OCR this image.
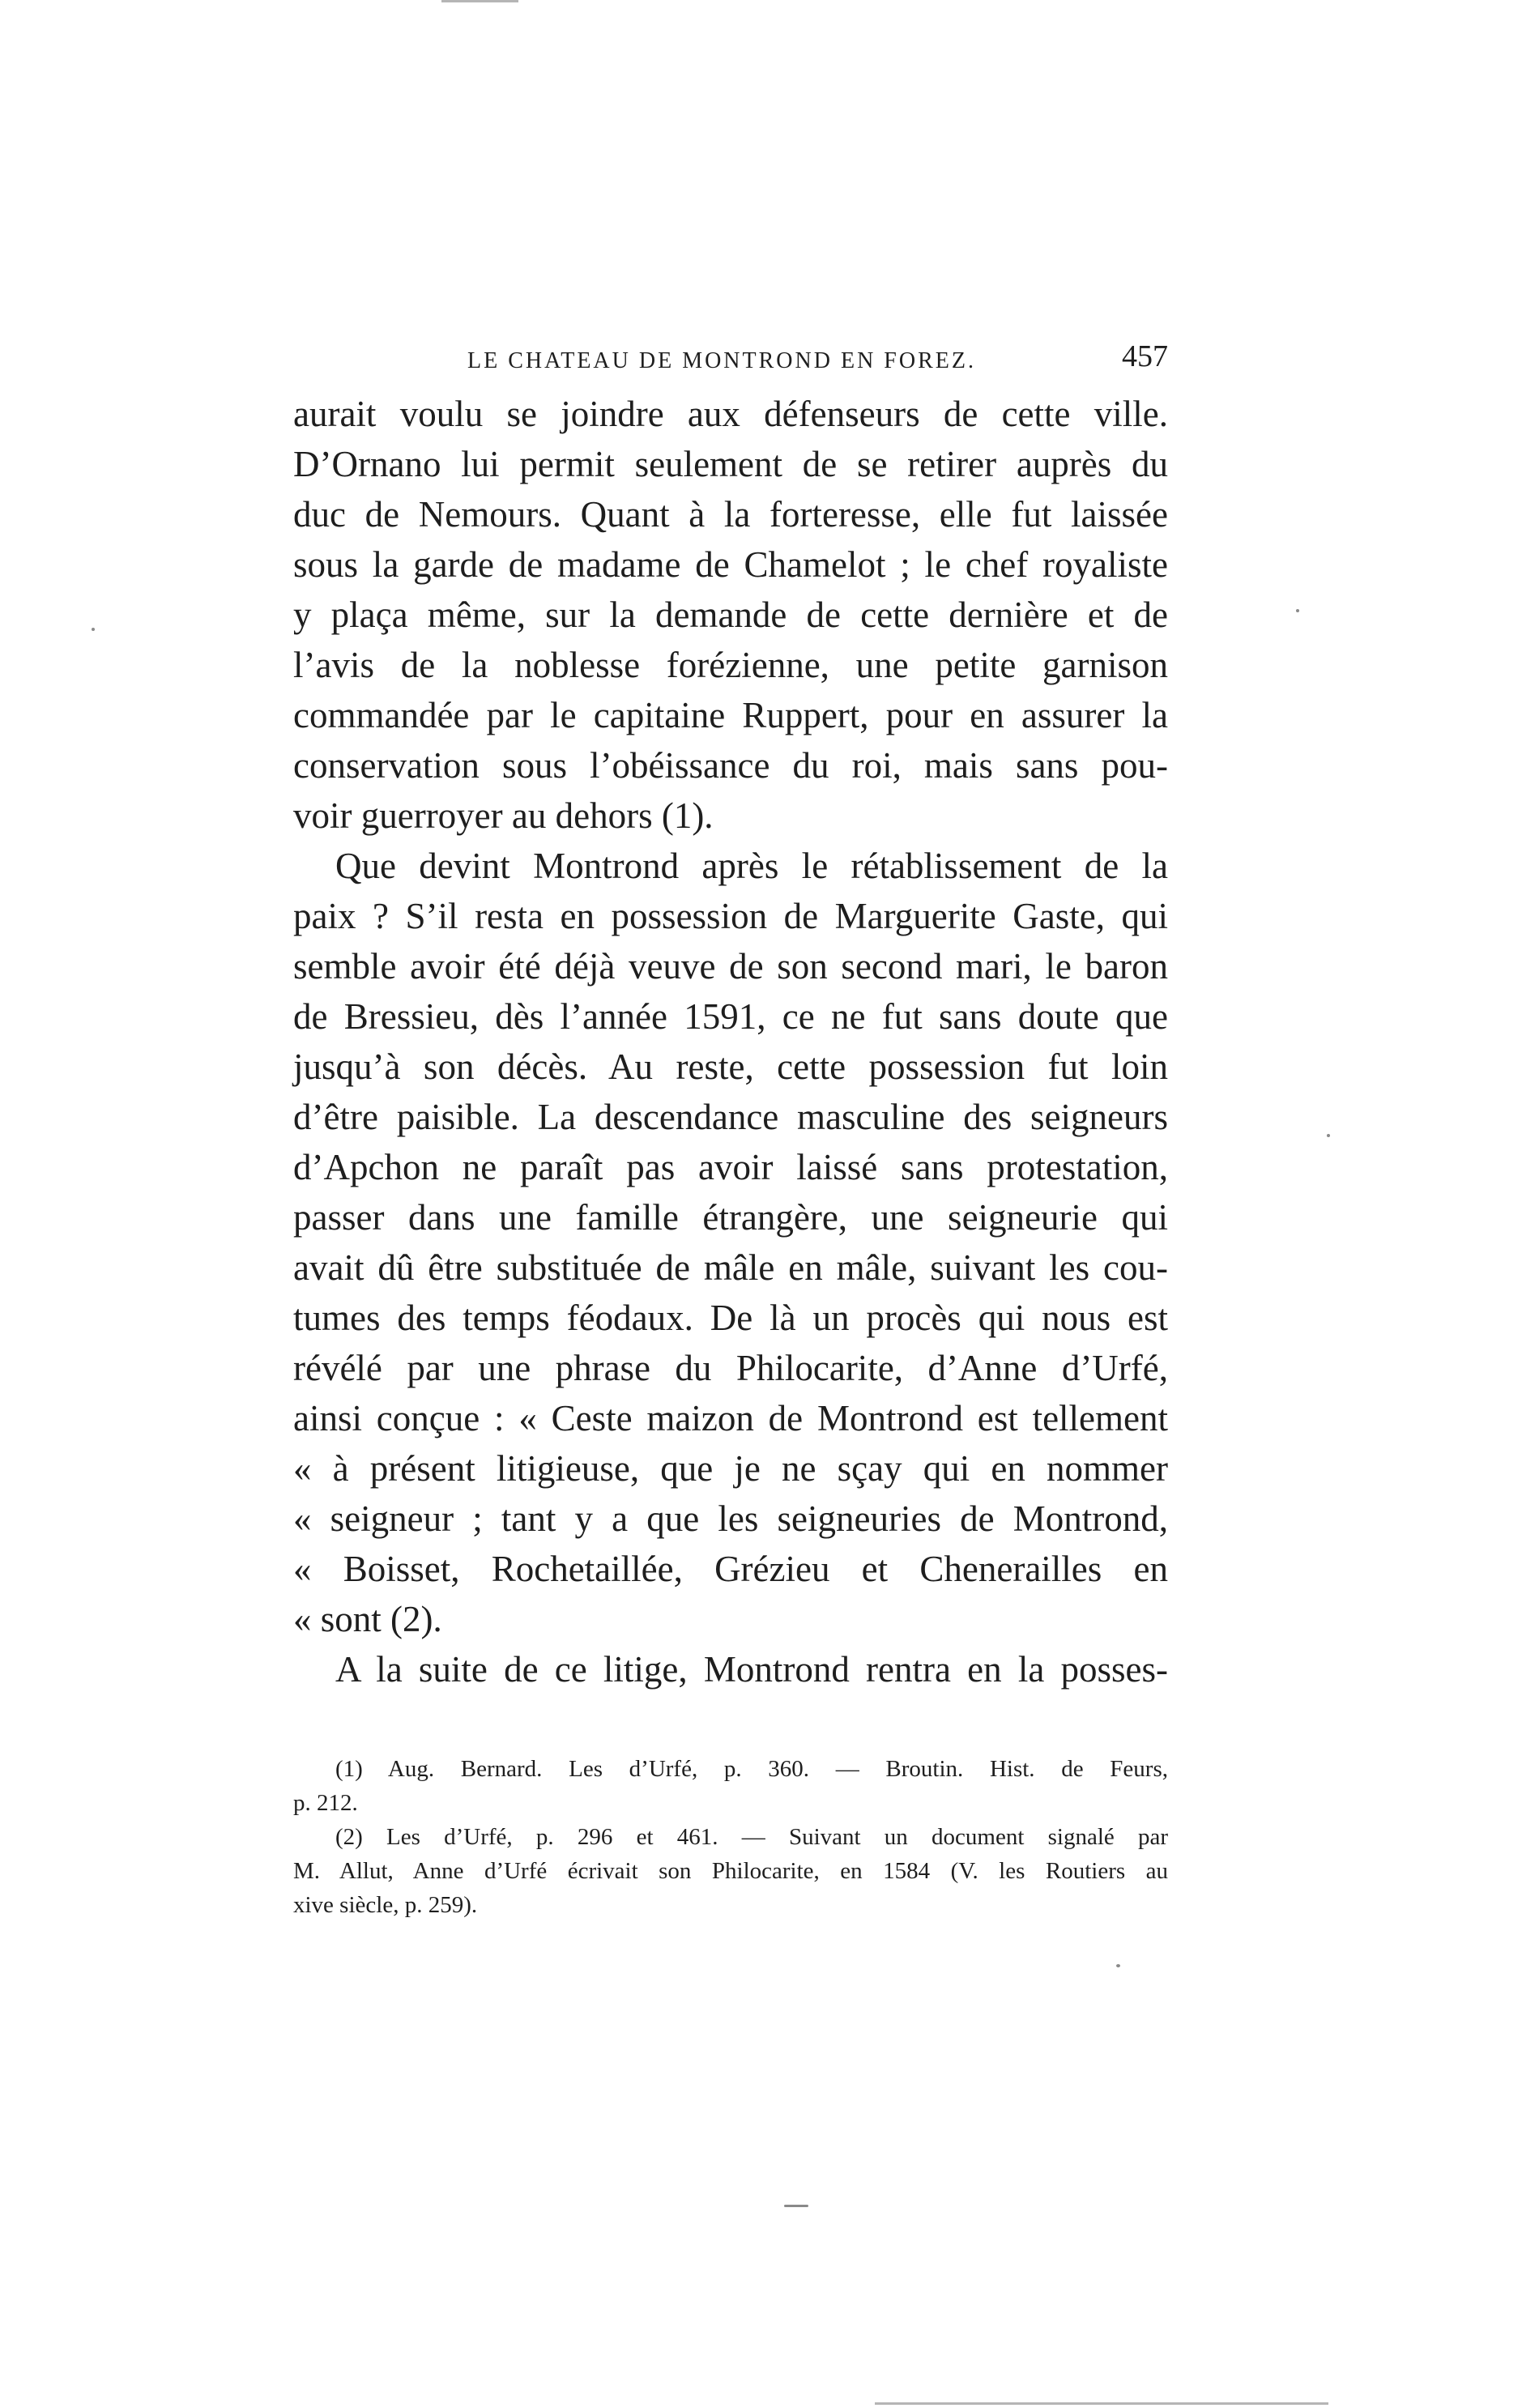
LE CHATEAU DE MONTROND EN FOREZ.	457
aurait voulu se joindre aux défenseurs de cette ville.
D’Ornano lui permit seulement de se retirer auprès du
duc de Nemours. Quant à la forteresse, elle fut laissée
sous la garde de madame de Chamelot ; le chef royaliste
y plaça même, sur la demande de cette dernière et de
l’avis de la noblesse forézienne, une petite garnison
commandée par le capitaine Ruppert, pour en assurer la
conservation sous l’obéissance du roi, mais sans pou-
voir guerroyer au dehors (1).
Que devint Montrond après le rétablissement de la
paix ? S’il resta en possession de Marguerite Gaste, qui
semble avoir été déjà veuve de son second mari, le baron
de Bressieu, dès l’année 1591, ce ne fut sans doute que
jusqu’à son décès. Au reste, cette possession fut loin
d’être paisible. La descendance masculine des seigneurs
d’Apchon ne paraît pas avoir laissé sans protestation,
passer dans une famille étrangère, une seigneurie qui
avait dû être substituée de mâle en mâle, suivant les cou-
tumes des temps féodaux. De là un procès qui nous est
révélé par une phrase du Philocarite, d’Anne d’Urfé,
ainsi conçue : « Ceste maizon de Montrond est tellement
« à présent litigieuse, que je ne sçay qui en nommer
« seigneur ; tant y a que les seigneuries de Montrond,
« Boisset, Rochetaillée, Grézieu et Chenerailles en
« sont (2).
A la suite de ce litige, Montrond rentra en la posses-
(1) Aug. Bernard. Les d’Urfé, p. 360. — Broutin. Hist. de Feurs,
p. 212.
(2) Les d’Urfé, p. 296 et 461. — Suivant un document signalé par
M. Allut, Anne d’Urfé écrivait son Philocarite, en 1584 (V. les Routiers au
xive siècle, p. 259).
